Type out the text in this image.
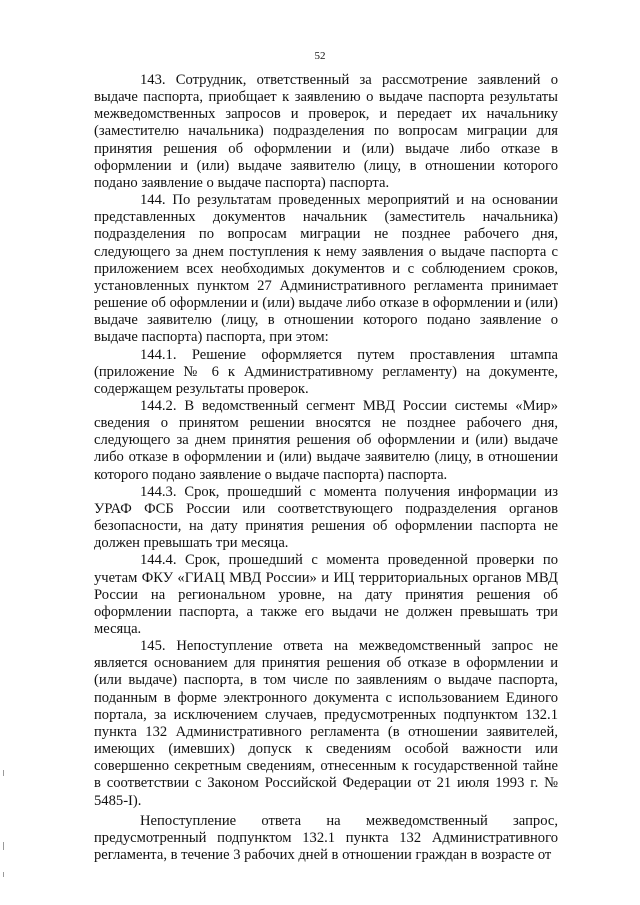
52

143. Сотрудник, ответственный за рассмотрение заявлений о выдаче паспорта, приобщает к заявлению о выдаче паспорта результаты межведомственных запросов и проверок, и передает их начальнику (заместителю начальника) подразделения по вопросам миграции для принятия решения об оформлении и (или) выдаче либо отказе в оформлении и (или) выдаче заявителю (лицу, в отношении которого подано заявление о выдаче паспорта) паспорта.

144. По результатам проведенных мероприятий и на основании представленных документов начальник (заместитель начальника) подразделения по вопросам миграции не позднее рабочего дня, следующего за днем поступления к нему заявления о выдаче паспорта с приложением всех необходимых документов и с соблюдением сроков, установленных пунктом 27 Административного регламента принимает решение об оформлении и (или) выдаче либо отказе в оформлении и (или) выдаче заявителю (лицу, в отношении которого подано заявление о выдаче паспорта) паспорта, при этом:

144.1. Решение оформляется путем проставления штампа (приложение № 6 к Административному регламенту) на документе, содержащем результаты проверок.

144.2. В ведомственный сегмент МВД России системы «Мир» сведения о принятом решении вносятся не позднее рабочего дня, следующего за днем принятия решения об оформлении и (или) выдаче либо отказе в оформлении и (или) выдаче заявителю (лицу, в отношении которого подано заявление о выдаче паспорта) паспорта.

144.3. Срок, прошедший с момента получения информации из УРАФ ФСБ России или соответствующего подразделения органов безопасности, на дату принятия решения об оформлении паспорта не должен превышать три месяца.

144.4. Срок, прошедший с момента проведенной проверки по учетам ФКУ «ГИАЦ МВД России» и ИЦ территориальных органов МВД России на региональном уровне, на дату принятия решения об оформлении паспорта, а также его выдачи не должен превышать три месяца.

145. Непоступление ответа на межведомственный запрос не является основанием для принятия решения об отказе в оформлении и (или выдаче) паспорта, в том числе по заявлениям о выдаче паспорта, поданным в форме электронного документа с использованием Единого портала, за исключением случаев, предусмотренных подпунктом 132.1 пункта 132 Административного регламента (в отношении заявителей, имеющих (имевших) допуск к сведениям особой важности или совершенно секретным сведениям, отнесенным к государственной тайне в соответствии с Законом Российской Федерации от 21 июля 1993 г. № 5485-I).

Непоступление ответа на межведомственный запрос, предусмотренный подпунктом 132.1 пункта 132 Административного регламента, в течение 3 рабочих дней в отношении граждан в возрасте от
